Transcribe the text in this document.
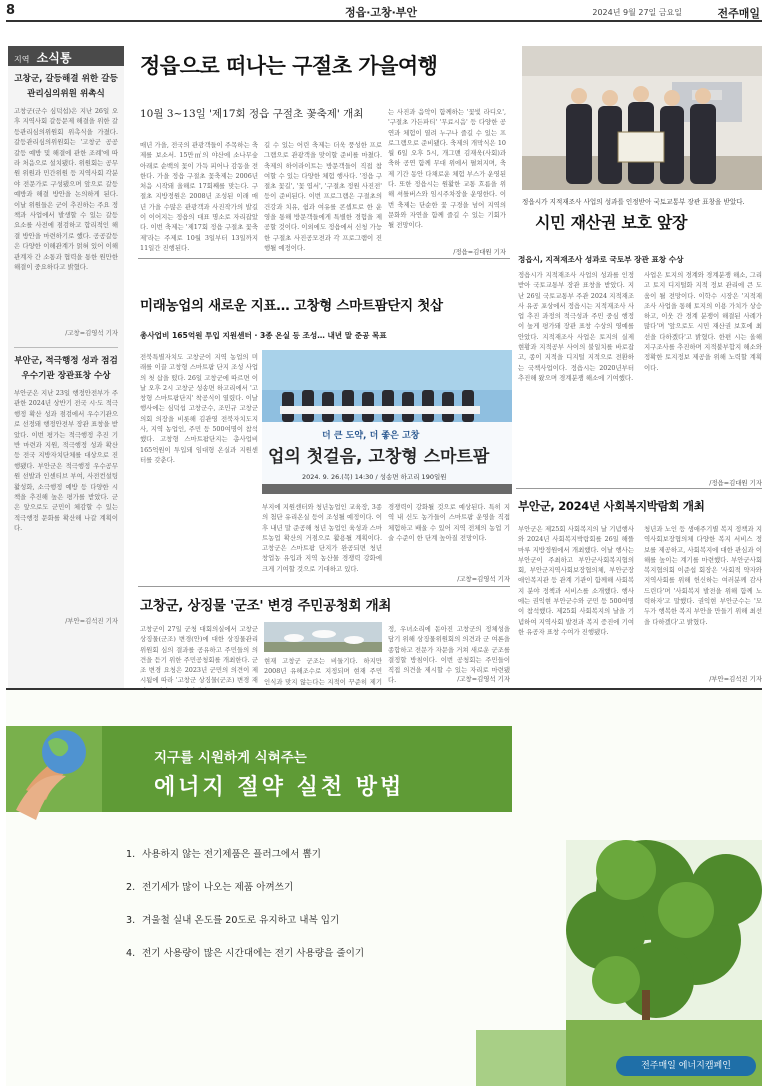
8	정읍·고창·부안	2024년 9월 27일 금요일	전주매일
지역 소식통
고창군, 갈등해결 위한 갈등관리심의위원 위촉식
고창군(군수 심덕섭)은 지난 26일 오후 지역사회 갈등문제 해결을 위한 갈등관리심의위원회 위촉식을 가졌다. 갈등관리심의위원회는 '고창군 공공갈등 예방 및 해결에 관한 조례'에 따라 처음으로 설치됐다. 위원회는 공무원 위원과 민간위원 등 지역사회 각분야 전문가로 구성됐으며 앞으로 갈등 예방과 해결 방안을 논의하게 된다. 이날 위원들은 군이 추진하는 주요 정책과 사업에서 발생할 수 있는 갈등 요소를 사전에 점검하고 합리적인 해결 방안을 마련하기로 했다. 공공갈등은 다양한 이해관계가 얽혀 있어 이해관계자 간 소통과 협력을 통한 원만한 해결이 중요하다고 밝혔다.
/고창=김영석 기자
부안군, 적극행정 성과 점검 우수기관 장관표창 수상
부안군은 지난 23일 행정안전부가 주관한 2024년 상반기 전국 시·도 적극행정 확산 성과 점검에서 우수기관으로 선정돼 행정안전부 장관 표창을 받았다. 이번 평가는 적극행정 추진 기반 마련과 지원, 적극행정 성과 확산 등 전국 지방자치단체를 대상으로 진행됐다. 부안군은 적극행정 우수공무원 선발과 인센티브 부여, 사전컨설팅 활성화, 소극행정 예방 등 다양한 시책을 추진해 높은 평가를 받았다. 군은 앞으로도 군민이 체감할 수 있는 적극행정 문화를 확산해 나갈 계획이다.
/부안=김석진 기자
정읍으로 떠나는 구절초 가을여행
10월 3~13일 '제17회 정읍 구절초 꽃축제' 개최
매년 가을, 전국의 관광객들이 주목하는 축제를 보소서. 15만㎡의 야산에 소나무숲 아래로 순백의 꽃이 가득 피어나 감동을 전한다. 가을 정읍 구절초 꽃축제는 2006년 처음 시작돼 올해로 17회째를 맞는다. 구절초 지방정원은 2008년 조성된 이래 매년 가을 수많은 관광객과 사진작가의 발길이 이어지는 정읍의 대표 명소로 자리잡았다. 이번 축제는 '제17회 정읍 구절초 꽃축제'라는 주제로 10월 3일부터 13일까지 11일간 진행된다.
길 수 있는 어린 축제는 더욱 풍성한 프로그램으로 관광객을 맞이할 준비를 마쳤다. 축제의 하이라이트는 방문객들이 직접 참여할 수 있는 다양한 체험 행사다. '정읍 구절초 꽃길', '꽃 엽서', '구절초 정원 사진전' 등이 준비된다. 이번 프로그램은 구절초의 건강과 치유, 쉼과 여유를 콘셉트로 한 운영을 통해 방문객들에게 특별한 경험을 제공할 것이다. 이외에도 정읍에서 신청 가능한 구절초 사진공모전과 각 프로그램이 진행될 예정이다.
는 사진과 음악이 함께하는 '꽃빛 라디오', '구절초 가든파티' '무료시음' 등 다양한 공연과 체험이 열려 누구나 즐길 수 있는 프로그램으로 준비됐다. 축제의 개막식은 10월 6일 오후 5시, 개그맨 김재욱(사회)과 축하 공연 함께 무대 위에서 펼쳐지며, 축제 기간 동안 다채로운 체험 부스가 운영된다. 또한 정읍시는 원활한 교통 흐름을 위해 셔틀버스와 임시주차장을 운영한다. 이번 축제는 단순한 꽃 구경을 넘어 지역의 문화와 자연을 함께 즐길 수 있는 기회가 될 전망이다.
/정읍=김대원 기자
정읍시가 지적재조사 사업의 성과를 인정받아 국토교통부 장관 표창을 받았다.
시민 재산권 보호 앞장
정읍시, 지적재조사 성과로 국토부 장관 표창 수상
정읍시가 지적재조사 사업의 성과를 인정받아 국토교통부 장관 표창을 받았다. 지난 26일 국토교통부 주관 2024 지적재조사 유공 포상에서 정읍시는 지적재조사 사업 추진 과정의 적극성과 주민 중심 행정이 높게 평가돼 장관 표창 수상의 영예를 안았다. 지적재조사 사업은 토지의 실제 현황과 지적공부 사이의 불일치를 바로잡고, 종이 지적을 디지털 지적으로 전환하는 국책사업이다. 정읍시는 2020년부터 추진해 왔으며 경계분쟁 해소에 기여했다.
사업은 토지의 경계와 경계분쟁 해소, 그리고 토지 디지털화 지적 정보 관리에 큰 도움이 될 전망이다. 이학수 시장은 '지적재조사 사업을 통해 토지의 이용 가치가 상승하고, 이웃 간 경계 분쟁이 해결된 사례가 많다'며 '앞으로도 시민 재산권 보호에 최선을 다하겠다'고 밝혔다. 한편 시는 올해 지구조사를 추진하며 지적불부합지 해소와 정확한 토지정보 제공을 위해 노력할 계획이다.
/정읍=김대원 기자
미래농업의 새로운 지표… 고창형 스마트팜단지 첫삽
총사업비 165억원 투입 지원센터 · 3종 온실 등 조성… 내년 말 준공 목표
전북특별자치도 고창군이 지역 농업의 미래를 이끌 고창형 스마트팜 단지 조성 사업의 첫 삽을 떴다. 26일 고창군에 따르면 이날 오후 2시 고창군 성송면 하고리에서 '고창형 스마트팜단지' 착공식이 열렸다. 이날 행사에는 심덕섭 고창군수, 조민규 고창군의회 의장을 비롯해 김관영 전북자치도지사, 지역 농업인, 주민 등 500여명이 참석했다. 고창형 스마트팜단지는 총사업비 165억원이 투입돼 임대형 온실과 지원센터를 갖춘다.
더 큰 도약, 더 좋은 고창
업의 첫걸음, 고창형 스마트팜
2024. 9. 26.(목) 14:30 / 성송면 하고리 190일원
부지에 지원센터와 청년농업인 교육장, 3종의 첨단 유리온실 등이 조성될 예정이다. 이후 내년 말 준공해 청년 농업인 육성과 스마트농업 확산의 거점으로 활용될 계획이다. 고창군은 스마트팜 단지가 완공되면 청년 창업농 유입과 지역 농산물 경쟁력 강화에 크게 기여할 것으로 기대하고 있다.
경쟁력이 강화될 것으로 예상된다. 특히 지역 내 신도 농가들이 스마트팜 운영을 직접 체험하고 배울 수 있어 지역 전체의 농업 기술 수준이 한 단계 높아질 전망이다.
/고창=김영석 기자
고창군, 상징물 '군조' 변경 주민공청회 개최
고창군이 27일 군청 대회의실에서 고창군 상징물(군조) 변경(안)에 대한 상징물관리위원회 심의 결과를 공유하고 주민들의 의견을 듣기 위한 주민공청회를 개최한다. 군조 변경 요청은 2023년 군민의 의견이 제시됨에 따라 '고창군 상징물(군조) 변경 재
현재 고창군 군조는 비둘기다. 하지만 2008년 유해조수로 지정되며 현재 주민 인식과 맞지 않는다는 지적이 꾸준히 제기
정, 우녀소리에 돋아진 고창군의 정체성을 담기 위해 상징물위원회의 의견과 군 여론을 종합하고 전문가 자문을 거쳐 새로운 군조를 결정할 방침이다. 이번 공청회는 주민들이 직접 의견을 제시할 수 있는 자리로 마련됐다.	/고창=김영석 기자
부안군, 2024년 사회복지박람회 개최
부안군은 제25회 사회복지의 날 기념행사와 2024년 사회복지박람회를 26일 해뜰마루 지방정원에서 개최했다. 이날 행사는 부안군이 주최하고 부안군사회복지협의회, 부안군지역사회보장협의체, 부안군장애인복지관 등 관계 기관이 함께해 사회복지 분야 정책과 서비스를 소개했다. 행사에는 권익현 부안군수와 군민 등 500여명이 참석했다. 제25회 사회복지의 날을 기념하여 지역사회 발전과 복지 증진에 기여한 유공자 표창 수여가 진행됐다.
청년과 노인 등 생애주기별 복지 정책과 지역사회보장협의체 다양한 복지 서비스 정보를 제공하고, 사회복지에 대한 관심과 이해를 높이는 계기를 마련했다. 부안군사회복지협의회 이준섭 회장은 '사회적 약자와 지역사회를 위해 헌신하는 여러분께 감사드린다'며 '사회복지 발전을 위해 함께 노력하자'고 말했다. 권익현 부안군수는 '모두가 행복한 복지 부안을 만들기 위해 최선을 다하겠다'고 밝혔다.
/부안=김석진 기자
지구를 시원하게 식혀주는
에너지 절약 실천 방법
1. 사용하지 않는 전기제품은 플러그에서 뽑기
2. 전기세가 많이 나오는 제품 아껴쓰기
3. 겨울철 실내 온도를 20도로 유지하고 내복 입기
4. 전기 사용량이 많은 시간대에는 전기 사용량을 줄이기
전주매일 에너지캠페인
